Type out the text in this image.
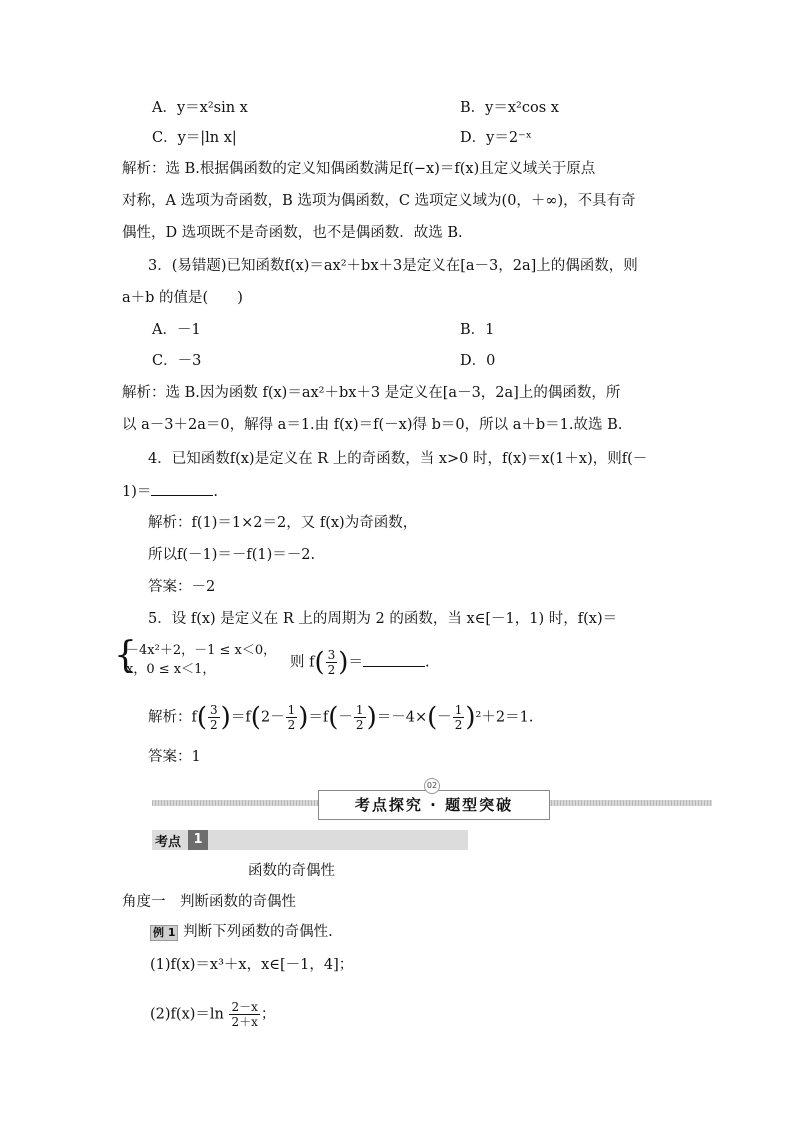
A．y＝x²sin x	B．y＝x²cos x
C．y＝|ln x|	D．y＝2⁻ˣ
解析：选 B.根据偶函数的定义知偶函数满足f(−x)＝f(x)且定义域关于原点
对称，A 选项为奇函数，B 选项为偶函数，C 选项定义域为(0，＋∞)，不具有奇
偶性，D 选项既不是奇函数，也不是偶函数．故选 B.
3．(易错题)已知函数f(x)＝ax²＋bx＋3是定义在[a－3，2a]上的偶函数，则
a＋b 的值是(　　)
A．－1	B．1
C．－3	D．0
解析：选 B.因为函数 f(x)＝ax²＋bx＋3 是定义在[a－3，2a]上的偶函数，所
以 a－3＋2a＝0，解得 a＝1.由 f(x)＝f(－x)得 b＝0，所以 a＋b＝1.故选 B.
4．已知函数f(x)是定义在 R 上的奇函数，当 x>0 时，f(x)＝x(1＋x)，则f(－
1)＝	.
解析：f(1)＝1×2＝2，又 f(x)为奇函数，
所以f(－1)＝－f(1)＝－2.
答案：－2
5．设 f(x) 是定义在 R 上的周期为 2 的函数，当 x∈[－1，1) 时，f(x)＝
{
－4x²＋2，－1 ≤ x＜0，
x，0 ≤ x＜1，	则 $f( \frac{3}{2}$ )＝	.
解析：$f( \frac{3}{2} )=f(2- \frac{1}{2} )=f(- \frac{1}{2} )=-4\times(- \frac{1}{2} )^2+2=1$.
答案：1
考点探究 · 题型突破
02
考点 1
函数的奇偶性
角度一　判断函数的奇偶性
例 1 判断下列函数的奇偶性.
(1)f(x)＝x³＋x，x∈[－1，4]；
$(2)f(x)=\ln \frac{2-x}{2+x}$ ；
